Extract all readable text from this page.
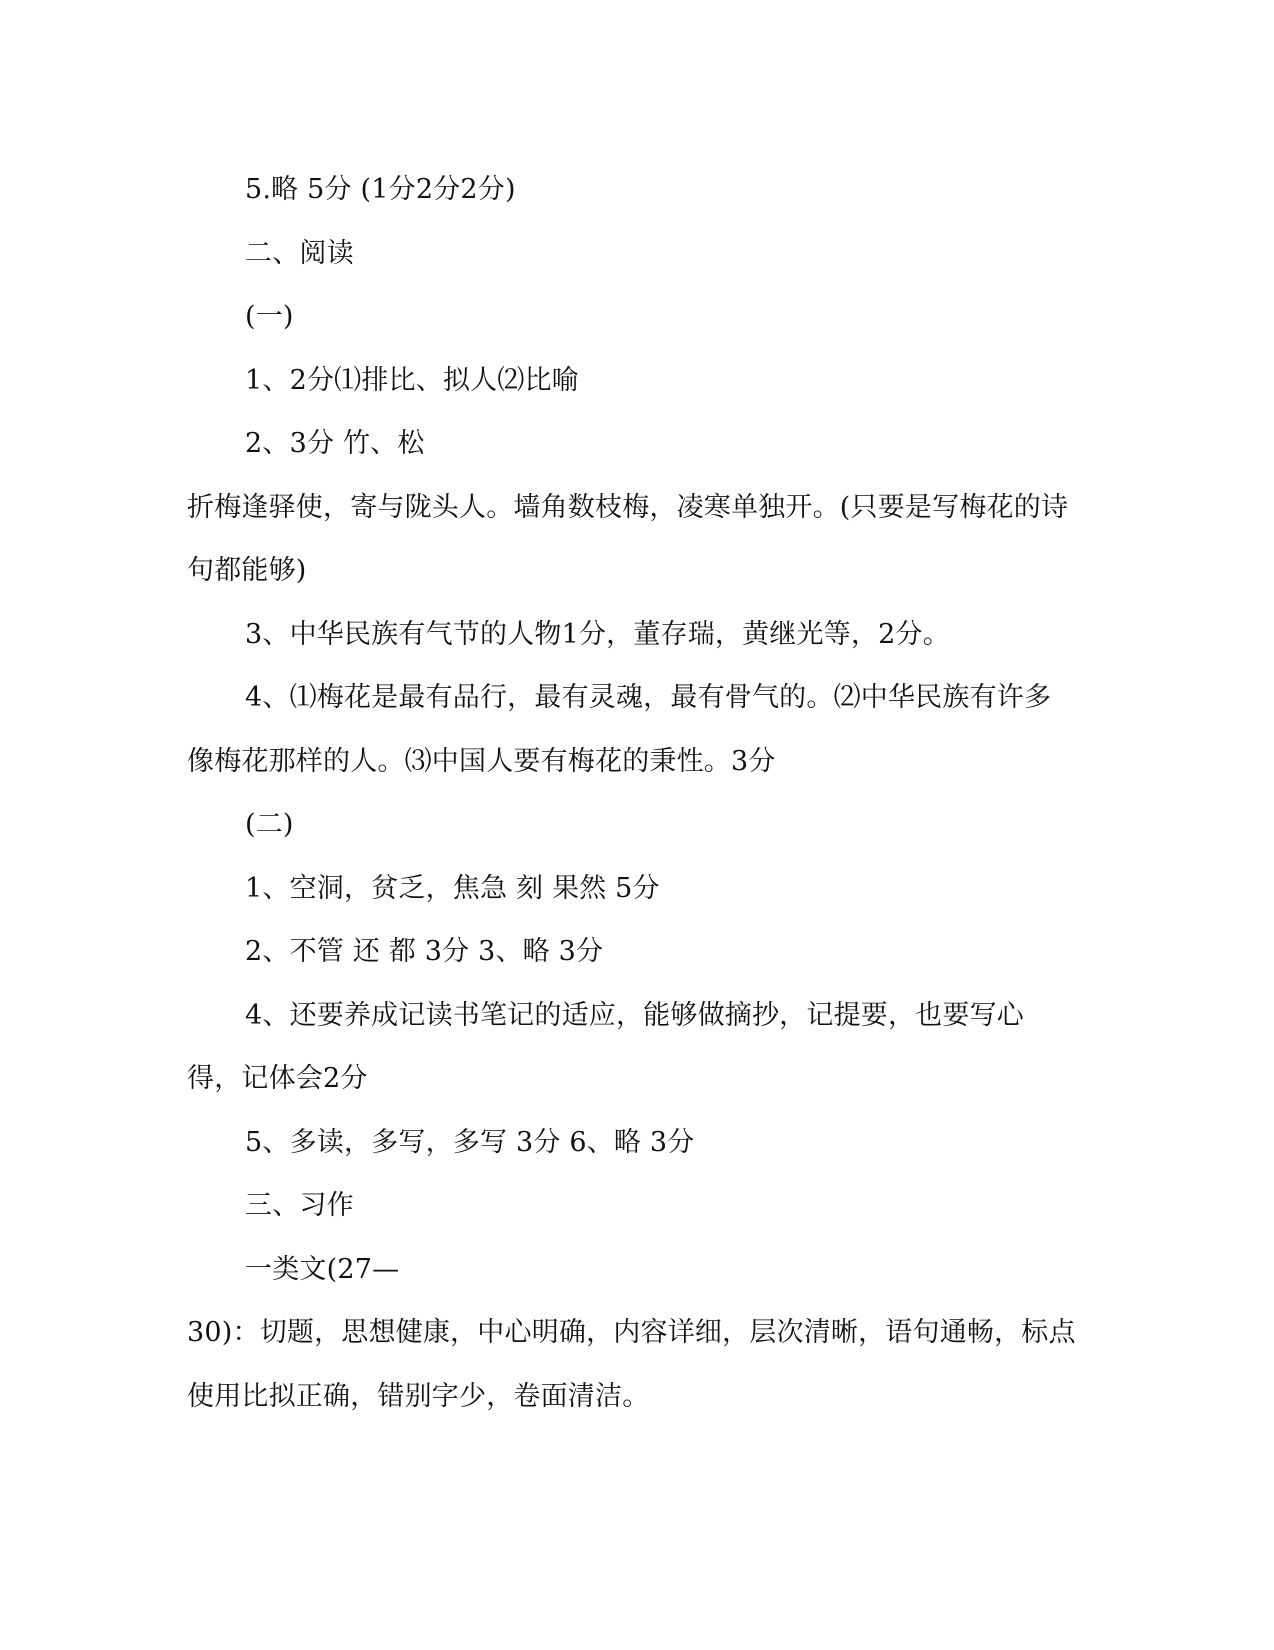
5.略 5分 (1分2分2分)

二、阅读

(一)

1、2分⑴排比、拟人⑵比喻

2、3分 竹、松

折梅逢驿使，寄与陇头人。墙角数枝梅，凌寒单独开。(只要是写梅花的诗句都能够)

3、中华民族有气节的人物1分，董存瑞，黄继光等，2分。

4、⑴梅花是最有品行，最有灵魂，最有骨气的。⑵中华民族有许多像梅花那样的人。⑶中国人要有梅花的秉性。3分

(二)

1、空洞，贫乏，焦急 刻 果然 5分

2、不管 还 都 3分 3、略 3分

4、还要养成记读书笔记的适应，能够做摘抄，记提要，也要写心得，记体会2分

5、多读，多写，多写 3分 6、略 3分

三、习作

一类文(27—

30)：切题，思想健康，中心明确，内容详细，层次清晰，语句通畅，标点使用比拟正确，错别字少，卷面清洁。
